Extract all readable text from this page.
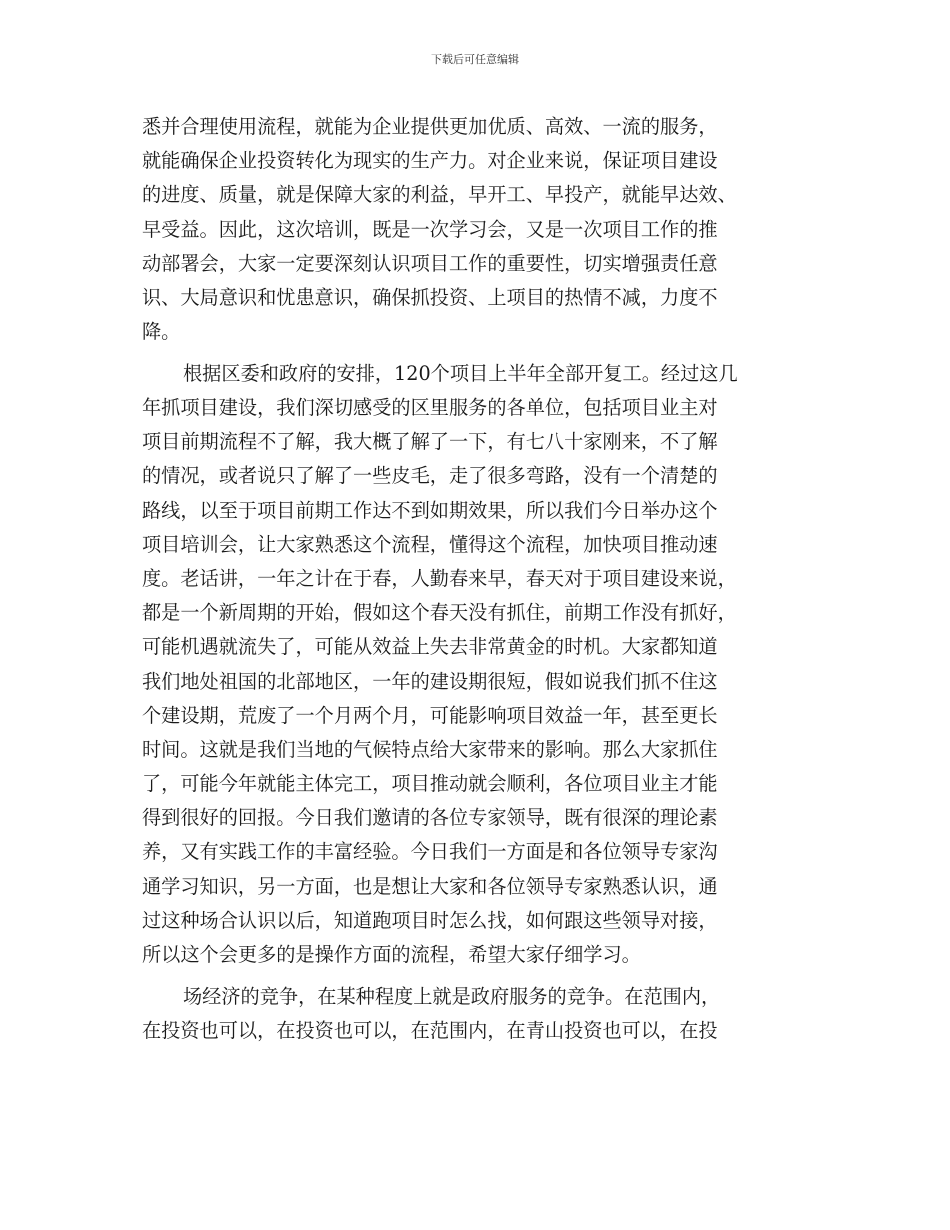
下载后可任意编辑
悉并合理使用流程，就能为企业提供更加优质、高效、一流的服务，
就能确保企业投资转化为现实的生产力。对企业来说，保证项目建设
的进度、质量，就是保障大家的利益，早开工、早投产，就能早达效、
早受益。因此，这次培训，既是一次学习会，又是一次项目工作的推
动部署会，大家一定要深刻认识项目工作的重要性，切实增强责任意
识、大局意识和忧患意识，确保抓投资、上项目的热情不减，力度不
降。
根据区委和政府的安排，120个项目上半年全部开复工。经过这几
年抓项目建设，我们深切感受的区里服务的各单位，包括项目业主对
项目前期流程不了解，我大概了解了一下，有七八十家刚来，不了解
的情况，或者说只了解了一些皮毛，走了很多弯路，没有一个清楚的
路线，以至于项目前期工作达不到如期效果，所以我们今日举办这个
项目培训会，让大家熟悉这个流程，懂得这个流程，加快项目推动速
度。老话讲，一年之计在于春，人勤春来早，春天对于项目建设来说，
都是一个新周期的开始，假如这个春天没有抓住，前期工作没有抓好，
可能机遇就流失了，可能从效益上失去非常黄金的时机。大家都知道
我们地处祖国的北部地区，一年的建设期很短，假如说我们抓不住这
个建设期，荒废了一个月两个月，可能影响项目效益一年，甚至更长
时间。这就是我们当地的气候特点给大家带来的影响。那么大家抓住
了，可能今年就能主体完工，项目推动就会顺利，各位项目业主才能
得到很好的回报。今日我们邀请的各位专家领导，既有很深的理论素
养，又有实践工作的丰富经验。今日我们一方面是和各位领导专家沟
通学习知识，另一方面，也是想让大家和各位领导专家熟悉认识，通
过这种场合认识以后，知道跑项目时怎么找，如何跟这些领导对接，
所以这个会更多的是操作方面的流程，希望大家仔细学习。
场经济的竞争，在某种程度上就是政府服务的竞争。在范围内，
在投资也可以，在投资也可以，在范围内，在青山投资也可以，在投
